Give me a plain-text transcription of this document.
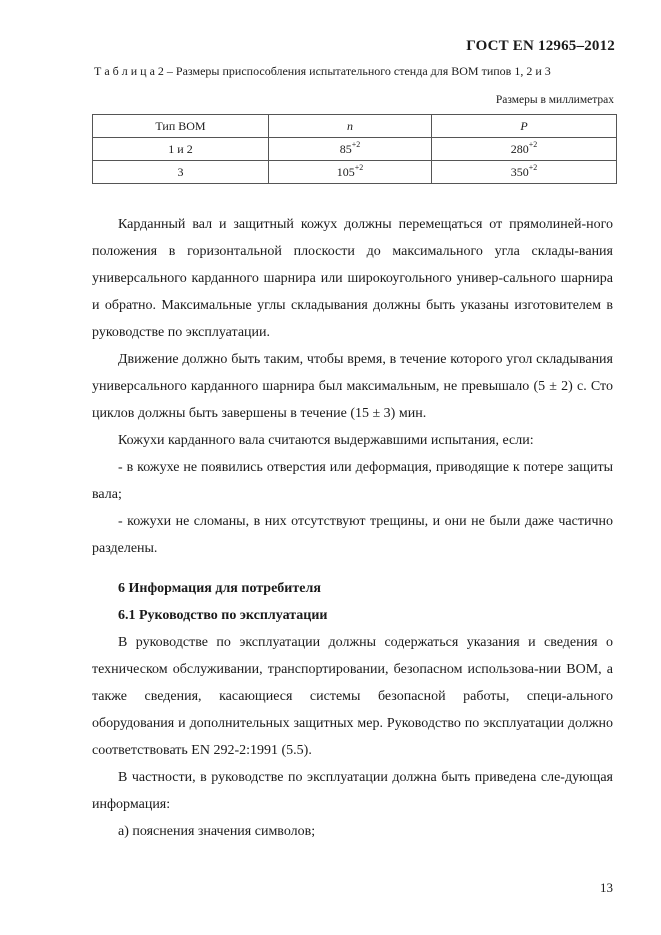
ГОСТ EN 12965–2012
Т а б л и ц а 2 – Размеры приспособления испытательного стенда для ВОМ типов 1, 2 и 3
Размеры в миллиметрах
Тип ВОМ	n	P
1 и 2	$85^{+2}$	$280^{+2}$
3	$105^{+2}$	$350^{+2}$

Карданный вал и защитный кожух должны перемещаться от прямолиней-ного положения в горизонтальной плоскости до максимального угла склады-вания универсального карданного шарнира или широкоугольного универ-сального шарнира и обратно. Максимальные углы складывания должны быть указаны изготовителем в руководстве по эксплуатации.

Движение должно быть таким, чтобы время, в течение которого угол складывания универсального карданного шарнира был максимальным, не превышало (5 ± 2) с. Сто циклов должны быть завершены в течение (15 ± 3) мин.

Кожухи карданного вала считаются выдержавшими испытания, если:

- в кожухе не появились отверстия или деформация, приводящие к потере защиты вала;

- кожухи не сломаны, в них отсутствуют трещины, и они не были даже частично разделены.

6 Информация для потребителя

6.1 Руководство по эксплуатации

В руководстве по эксплуатации должны содержаться указания и сведения о техническом обслуживании, транспортировании, безопасном использова-нии ВОМ, а также сведения, касающиеся системы безопасной работы, специ-ального оборудования и дополнительных защитных мер. Руководство по эксплуатации должно соответствовать EN 292-2:1991 (5.5).

В частности, в руководстве по эксплуатации должна быть приведена сле-дующая информация:

а) пояснения значения символов;

13
